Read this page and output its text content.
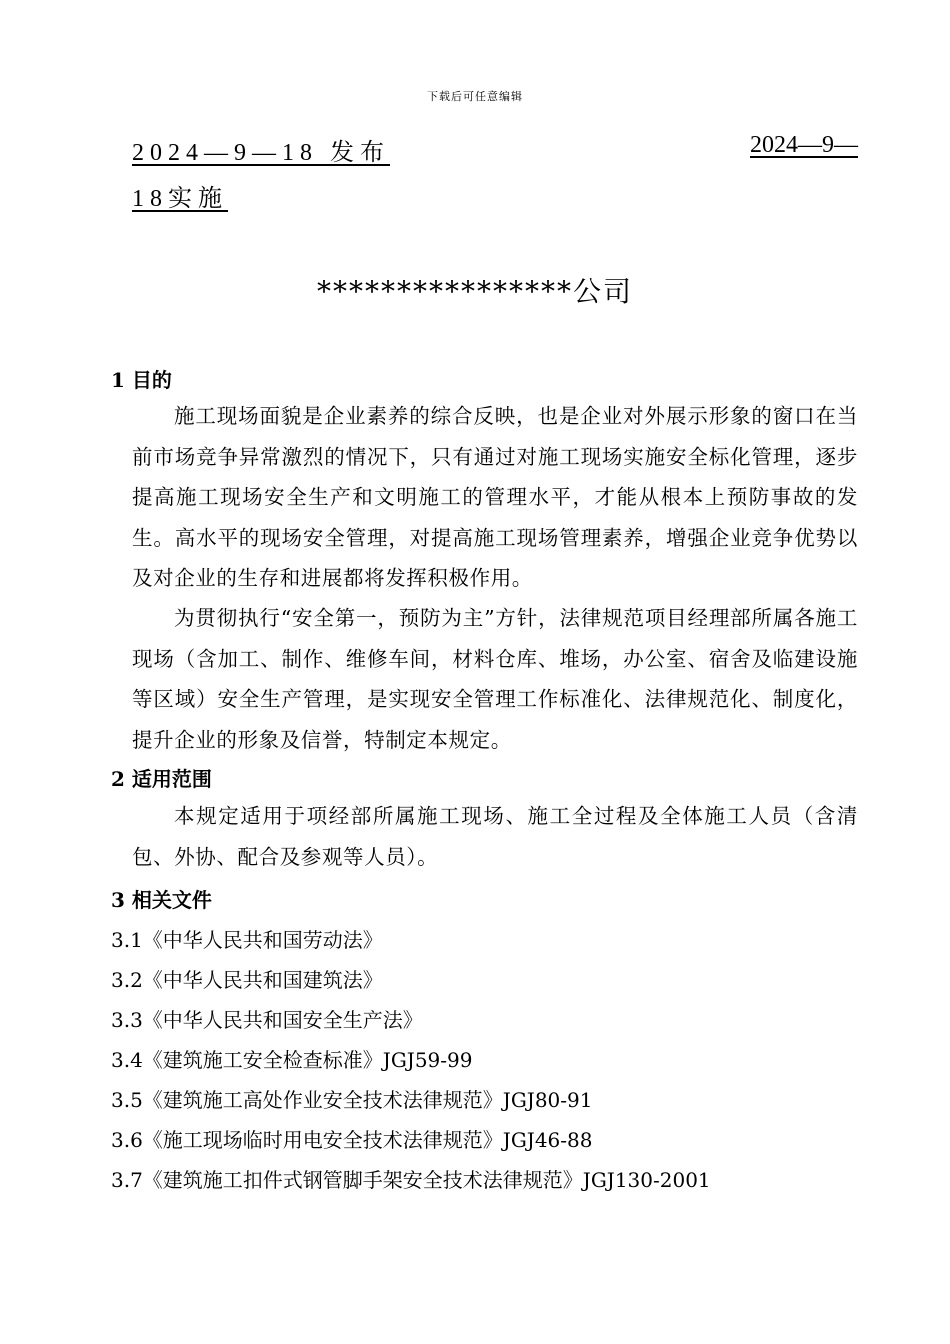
下载后可任意编辑
2024—9—18 发布	2024—9—
18实施
****************公司
1 目的

施工现场面貌是企业素养的综合反映，也是企业对外展示形象的窗口在当前市场竞争异常激烈的情况下，只有通过对施工现场实施安全标化管理，逐步提高施工现场安全生产和文明施工的管理水平，才能从根本上预防事故的发生。高水平的现场安全管理，对提高施工现场管理素养，增强企业竞争优势以及对企业的生存和进展都将发挥积极作用。

为贯彻执行“安全第一，预防为主”方针，法律规范项目经理部所属各施工现场（含加工、制作、维修车间，材料仓库、堆场，办公室、宿舍及临建设施等区域）安全生产管理，是实现安全管理工作标准化、法律规范化、制度化，提升企业的形象及信誉，特制定本规定。

2 适用范围

本规定适用于项经部所属施工现场、施工全过程及全体施工人员（含清包、外协、配合及参观等人员）。

3 相关文件
3.1《中华人民共和国劳动法》
3.2《中华人民共和国建筑法》
3.3《中华人民共和国安全生产法》
3.4《建筑施工安全检查标准》JGJ59-99
3.5《建筑施工高处作业安全技术法律规范》JGJ80-91
3.6《施工现场临时用电安全技术法律规范》JGJ46-88
3.7《建筑施工扣件式钢管脚手架安全技术法律规范》JGJ130-2001
